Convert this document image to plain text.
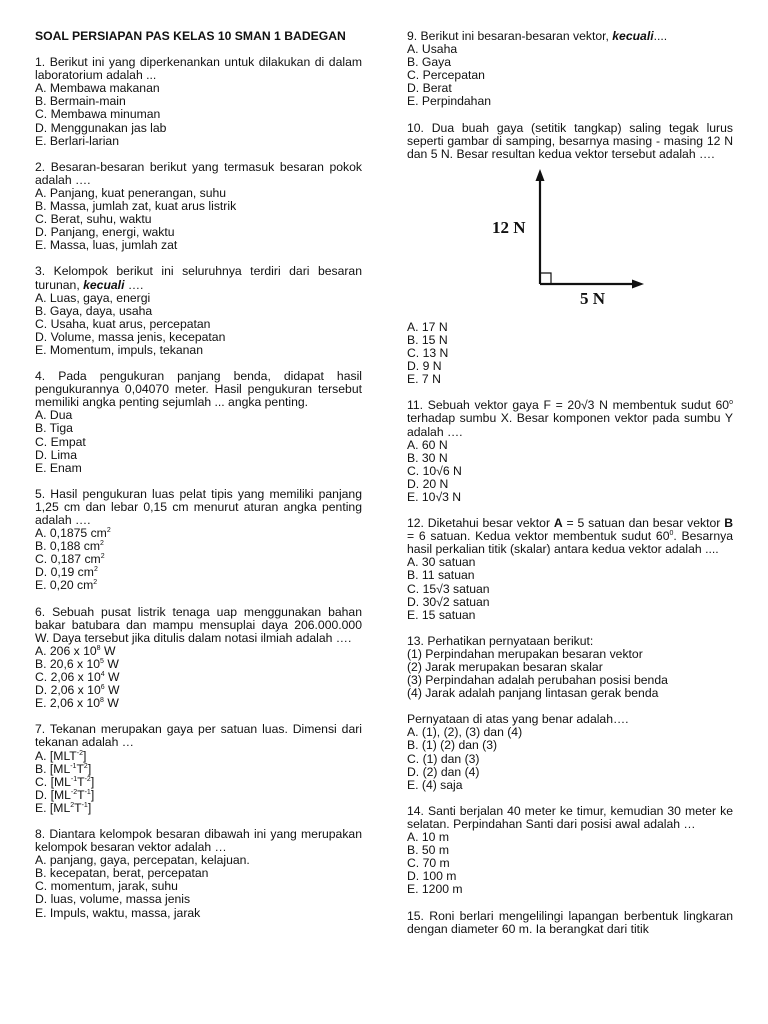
SOAL PERSIAPAN PAS KELAS 10 SMAN 1 BADEGAN
1. Berikut ini yang diperkenankan untuk dilakukan di dalam laboratorium adalah ...
A. Membawa makanan
B. Bermain-main
C. Membawa minuman
D. Menggunakan jas lab
E. Berlari-larian
2. Besaran-besaran berikut yang termasuk besaran pokok adalah ….
A. Panjang, kuat penerangan, suhu
B. Massa, jumlah zat, kuat arus listrik
C. Berat, suhu, waktu
D. Panjang, energi, waktu
E. Massa, luas, jumlah zat
3. Kelompok berikut ini seluruhnya terdiri dari besaran turunan, kecuali ….
A. Luas, gaya, energi
B. Gaya, daya, usaha
C. Usaha, kuat arus, percepatan
D. Volume, massa jenis, kecepatan
E. Momentum, impuls, tekanan
4. Pada pengukuran panjang benda, didapat hasil pengukurannya 0,04070 meter. Hasil pengukuran tersebut memiliki angka penting sejumlah ... angka penting.
A. Dua
B. Tiga
C. Empat
D. Lima
E. Enam
5. Hasil pengukuran luas pelat tipis yang memiliki panjang 1,25 cm dan lebar 0,15 cm menurut aturan angka penting adalah ….
A. 0,1875 $cm^2$
B. 0,188 $cm^2$
C. 0,187 $cm^2$
D. 0,19 $cm^2$
E. 0,20 $cm^2$
6. Sebuah pusat listrik tenaga uap menggunakan bahan bakar batubara dan mampu mensuplai daya 206.000.000 W. Daya tersebut jika ditulis dalam notasi ilmiah adalah ….
A. 206 x $10^8$ W
B. 20,6 x $10^5$ W
C. 2,06 x $10^4$ W
D. 2,06 x $10^6$ W
E. 2,06 x $10^8$ W
7. Tekanan merupakan gaya per satuan luas. Dimensi dari tekanan adalah …
A. $[MLT^{-2}]$
B. $[ML^{-1}T^2]$
C. $[ML^{-1}T^{-2}]$
D. $[ML^{-2}T^{-1}]$
E. $[ML^2T^{-1}]$
8. Diantara kelompok besaran dibawah ini yang merupakan kelompok besaran vektor adalah …
A. panjang, gaya, percepatan, kelajuan.
B. kecepatan, berat, percepatan
C. momentum, jarak, suhu
D. luas, volume, massa jenis
E. Impuls, waktu, massa, jarak
9. Berikut ini besaran-besaran vektor, kecuali....
A. Usaha
B. Gaya
C. Percepatan
D. Berat
E. Perpindahan
10. Dua buah gaya (setitik tangkap) saling tegak lurus seperti gambar di samping, besarnya masing - masing 12 N dan 5 N. Besar resultan kedua vektor tersebut adalah ….
12 N
5 N
A. 17 N
B. 15 N
C. 13 N
D. 9 N
E. 7 N
11. Sebuah vektor gaya F = 20√3 N membentuk sudut 60$^o$ terhadap sumbu X. Besar komponen vektor pada sumbu Y adalah ….
A. 60 N
B. 30 N
C. 10√6 N
D. 20 N
E. 10√3 N
12. Diketahui besar vektor A = 5 satuan dan besar vektor B = 6 satuan. Kedua vektor membentuk sudut $60^0$. Besarnya hasil perkalian titik (skalar) antara kedua vektor adalah ....
A. 30 satuan
B. 11 satuan
C. 15√3 satuan
D. 30√2 satuan
E. 15 satuan
13. Perhatikan pernyataan berikut:
(1) Perpindahan merupakan besaran vektor
(2) Jarak merupakan besaran skalar
(3) Perpindahan adalah perubahan posisi benda
(4) Jarak adalah panjang lintasan gerak benda
Pernyataan di atas yang benar adalah….
A. (1), (2), (3) dan (4)
B. (1) (2) dan (3)
C. (1) dan (3)
D. (2) dan (4)
E. (4) saja
14. Santi berjalan 40 meter ke timur, kemudian 30 meter ke selatan. Perpindahan Santi dari posisi awal adalah …
A. 10 m
B. 50 m
C. 70 m
D. 100 m
E. 1200 m
15. Roni berlari mengelilingi lapangan berbentuk lingkaran dengan diameter 60 m. Ia berangkat dari titik
